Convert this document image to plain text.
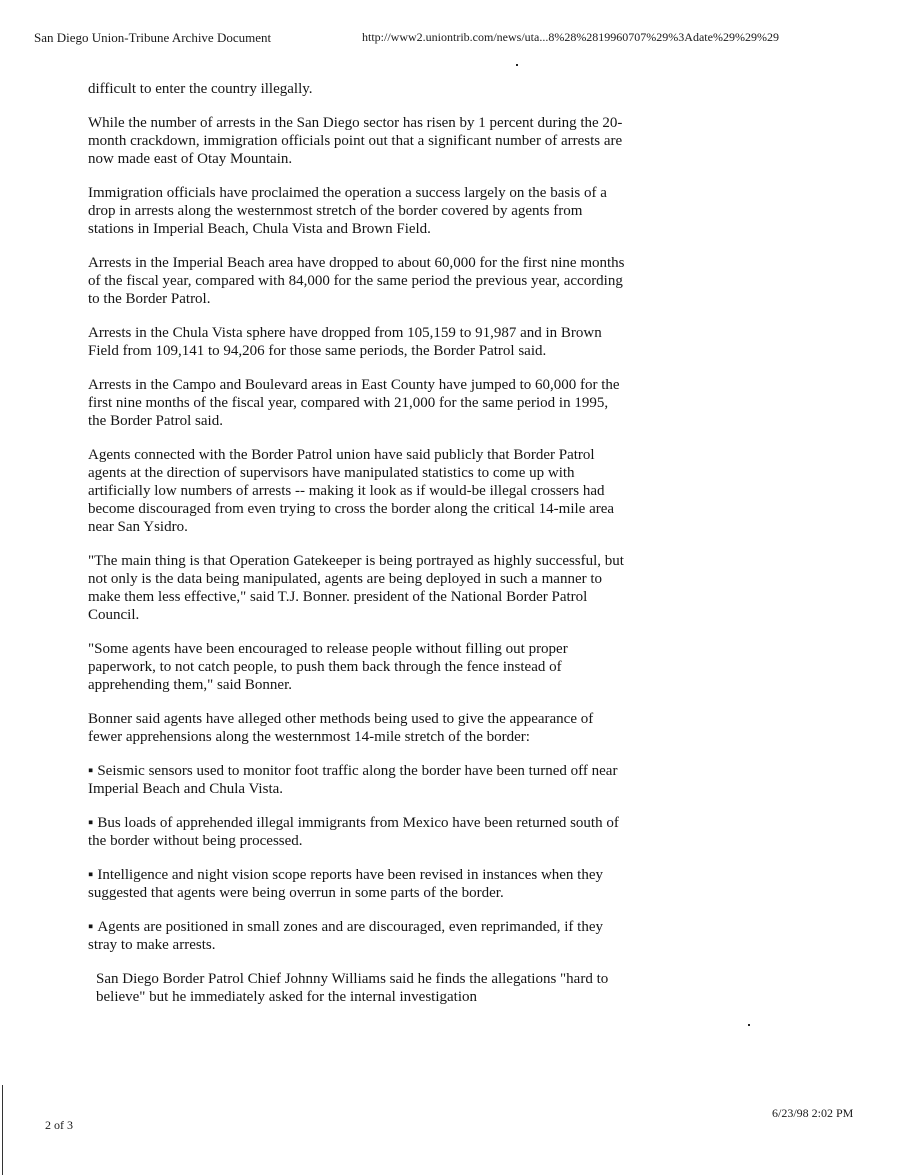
San Diego Union-Tribune Archive Document	http://www2.uniontrib.com/news/uta...8%28%2819960707%29%3Adate%29%29%29

difficult to enter the country illegally.

While the number of arrests in the San Diego sector has risen by 1 percent during the 20-month crackdown, immigration officials point out that a significant number of arrests are now made east of Otay Mountain.

Immigration officials have proclaimed the operation a success largely on the basis of a drop in arrests along the westernmost stretch of the border covered by agents from stations in Imperial Beach, Chula Vista and Brown Field.

Arrests in the Imperial Beach area have dropped to about 60,000 for the first nine months of the fiscal year, compared with 84,000 for the same period the previous year, according to the Border Patrol.

Arrests in the Chula Vista sphere have dropped from 105,159 to 91,987 and in Brown Field from 109,141 to 94,206 for those same periods, the Border Patrol said.

Arrests in the Campo and Boulevard areas in East County have jumped to 60,000 for the first nine months of the fiscal year, compared with 21,000 for the same period in 1995, the Border Patrol said.

Agents connected with the Border Patrol union have said publicly that Border Patrol agents at the direction of supervisors have manipulated statistics to come up with artificially low numbers of arrests -- making it look as if would-be illegal crossers had become discouraged from even trying to cross the border along the critical 14-mile area near San Ysidro.

"The main thing is that Operation Gatekeeper is being portrayed as highly successful, but not only is the data being manipulated, agents are being deployed in such a manner to make them less effective," said T.J. Bonner. president of the National Border Patrol Council.

"Some agents have been encouraged to release people without filling out proper paperwork, to not catch people, to push them back through the fence instead of apprehending them," said Bonner.

Bonner said agents have alleged other methods being used to give the appearance of fewer apprehensions along the westernmost 14-mile stretch of the border:

▪ Seismic sensors used to monitor foot traffic along the border have been turned off near Imperial Beach and Chula Vista.

▪ Bus loads of apprehended illegal immigrants from Mexico have been returned south of the border without being processed.

▪ Intelligence and night vision scope reports have been revised in instances when they suggested that agents were being overrun in some parts of the border.

▪ Agents are positioned in small zones and are discouraged, even reprimanded, if they stray to make arrests.

San Diego Border Patrol Chief Johnny Williams said he finds the allegations "hard to believe" but he immediately asked for the internal investigation

2 of 3
6/23/98 2:02 PM
